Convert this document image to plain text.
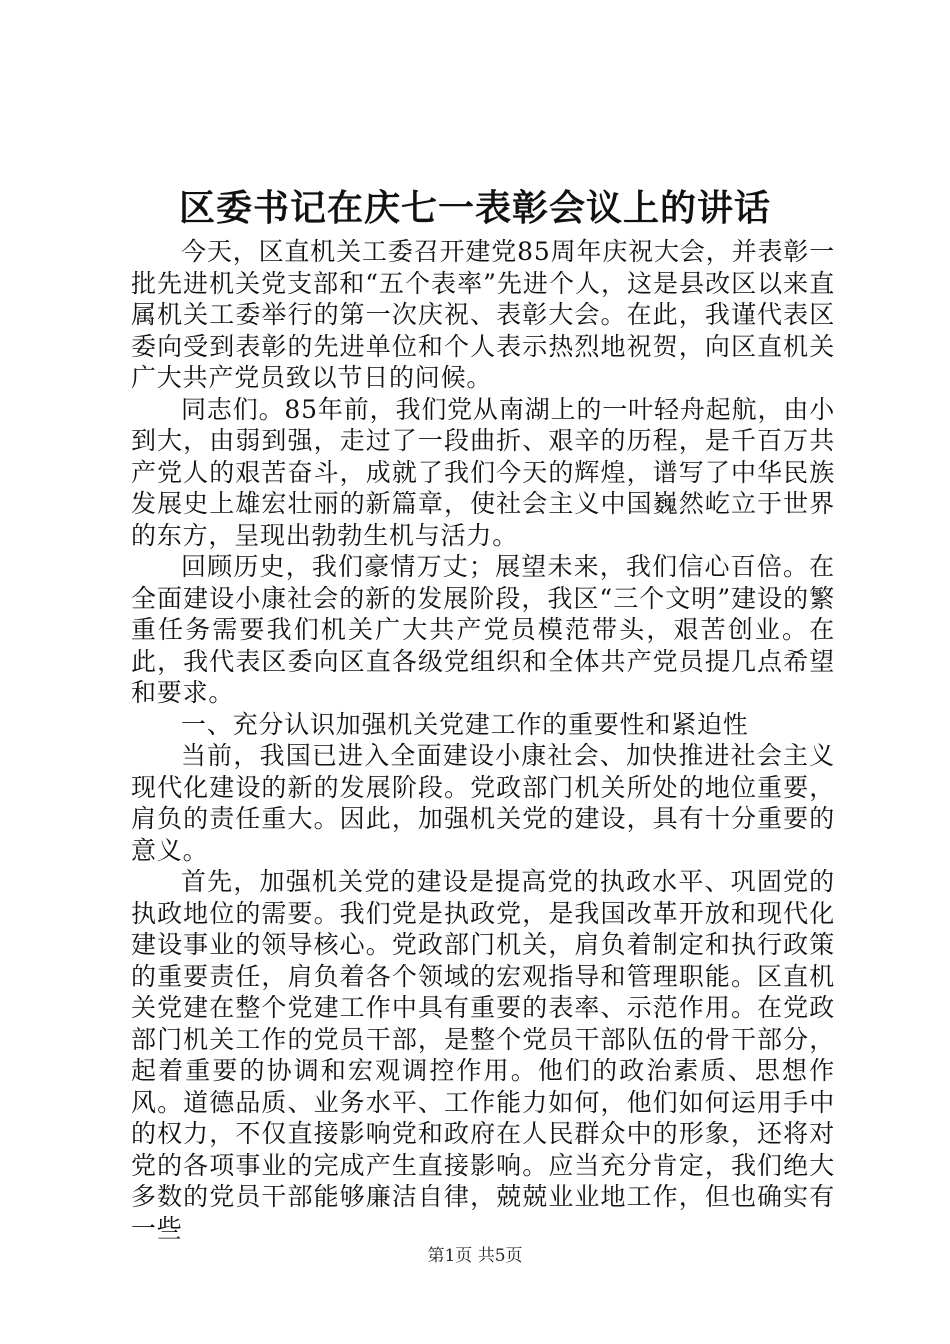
区委书记在庆七一表彰会议上的讲话

今天，区直机关工委召开建党85周年庆祝大会，并表彰一批先进机关党支部和“五个表率”先进个人，这是县改区以来直属机关工委举行的第一次庆祝、表彰大会。在此，我谨代表区委向受到表彰的先进单位和个人表示热烈地祝贺，向区直机关广大共产党员致以节日的问候。

同志们。85年前，我们党从南湖上的一叶轻舟起航，由小到大，由弱到强，走过了一段曲折、艰辛的历程，是千百万共产党人的艰苦奋斗，成就了我们今天的辉煌，谱写了中华民族发展史上雄宏壮丽的新篇章，使社会主义中国巍然屹立于世界的东方，呈现出勃勃生机与活力。

回顾历史，我们豪情万丈；展望未来，我们信心百倍。在全面建设小康社会的新的发展阶段，我区“三个文明”建设的繁重任务需要我们机关广大共产党员模范带头，艰苦创业。在此，我代表区委向区直各级党组织和全体共产党员提几点希望和要求。

一、充分认识加强机关党建工作的重要性和紧迫性

当前，我国已进入全面建设小康社会、加快推进社会主义现代化建设的新的发展阶段。党政部门机关所处的地位重要，肩负的责任重大。因此，加强机关党的建设，具有十分重要的意义。

首先，加强机关党的建设是提高党的执政水平、巩固党的执政地位的需要。我们党是执政党，是我国改革开放和现代化建设事业的领导核心。党政部门机关，肩负着制定和执行政策的重要责任，肩负着各个领域的宏观指导和管理职能。区直机关党建在整个党建工作中具有重要的表率、示范作用。在党政部门机关工作的党员干部，是整个党员干部队伍的骨干部分，起着重要的协调和宏观调控作用。他们的政治素质、思想作风。道德品质、业务水平、工作能力如何，他们如何运用手中的权力，不仅直接影响党和政府在人民群众中的形象，还将对党的各项事业的完成产生直接影响。应当充分肯定，我们绝大多数的党员干部能够廉洁自律，兢兢业业地工作，但也确实有一些

第1页 共5页
